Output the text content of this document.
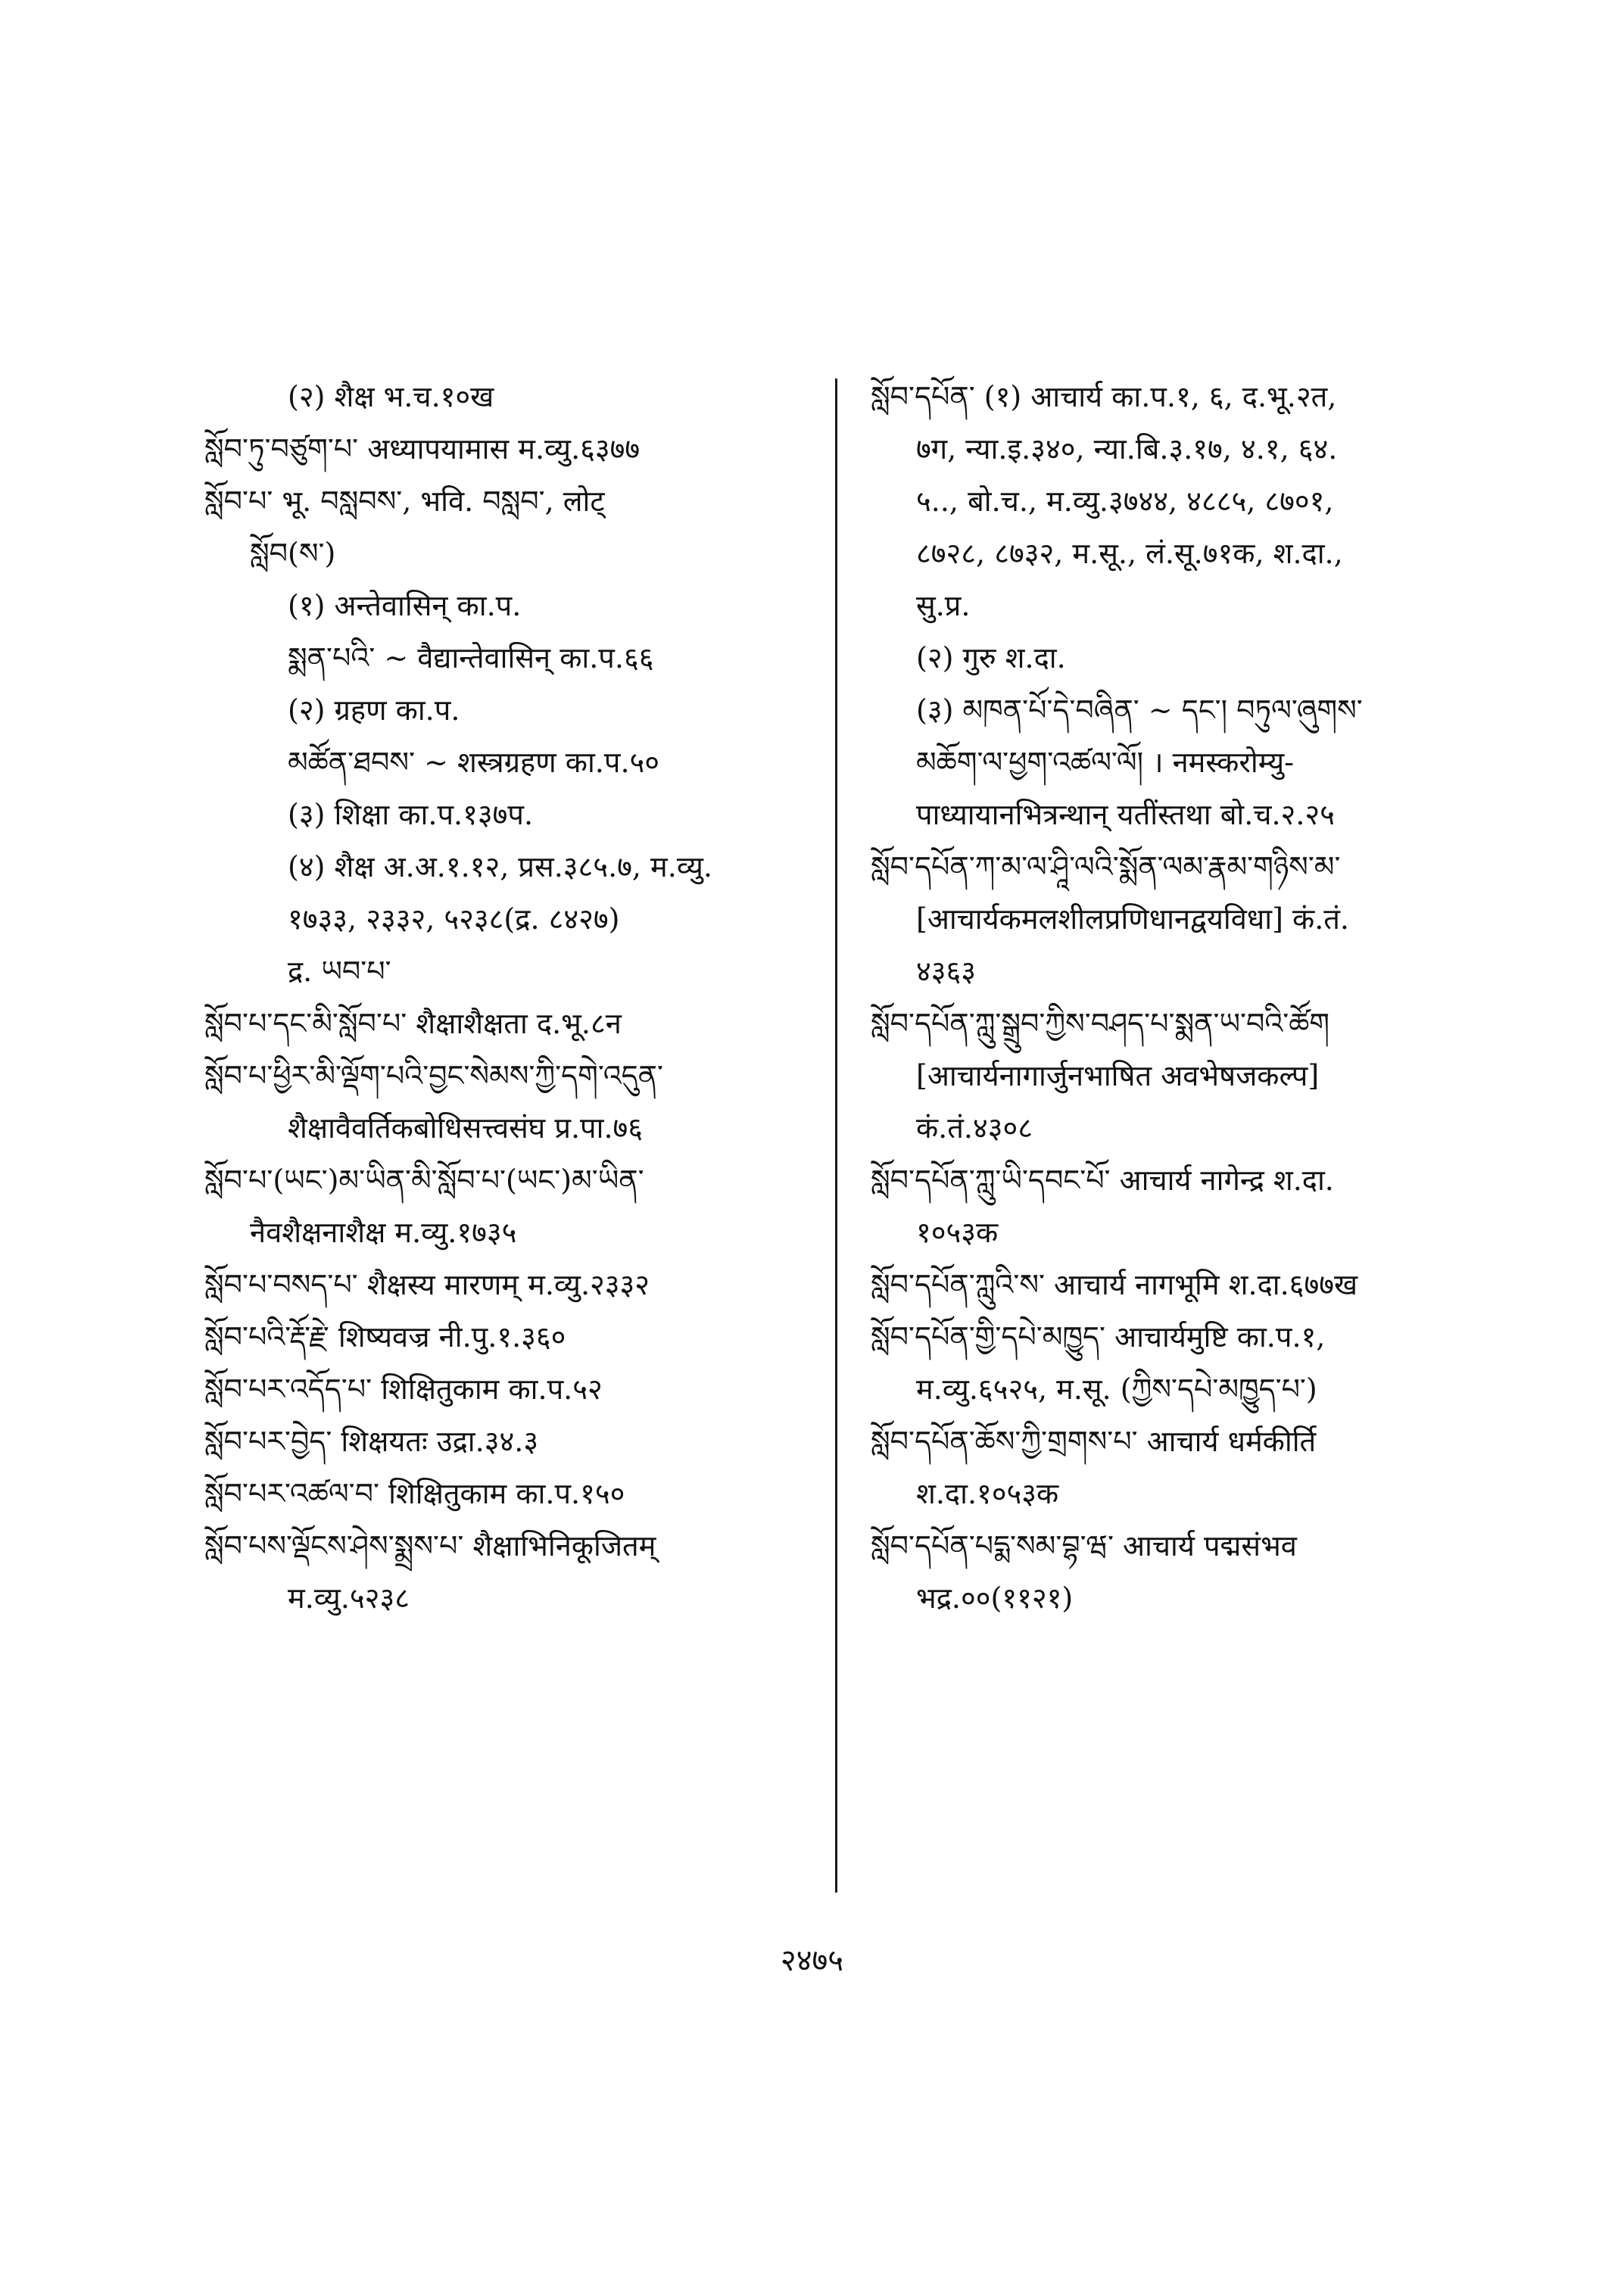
(२) शैक्ष भ.च.१०ख
སློབ་ཏུ་བཙུག་པ་ अध्यापयामास म.व्यु.६३७७
སློབ་པ་ भू. བསླབས་, भवि. བསླབ་, लोट्
སློབ(ས་)
(१) अन्तेवासिन् का.प.
སྨན་པའི་ ~ वैद्यान्तेवासिन् का.प.६६
(२) ग्रहण का.प.
མཚོན་ཐབས་ ~ शस्त्रग्रहण का.प.५०
(३) शिक्षा का.प.१३७प.
(४) शैक्ष अ.अ.१.१२, प्रस.३८५.७, म.व्यु.
१७३३, २३३२, ५२३८(द्र. ८४२७)
द्र. ཡབ་པ་
སློབ་པ་དང་མི་སློབ་པ་ शैक्षाशैक्षता द.भू.८न
སློབ་པ་ཕྱིར་མི་ལྡོག་པའི་བྱང་སེམས་ཀྱི་དགེ་འདུན་
शैक्षावैवर्तिकबोधिसत्त्वसंघ प्र.पा.७६
སློབ་པ་(ཡང་)མ་ཡིན་མི་སློབ་པ་(ཡང་)མ་ཡིན་
नैवशैक्षनाशैक्ष म.व्यु.१७३५
སློབ་པ་བསད་པ་ शैक्षस्य मारणम् म.व्यु.२३३२
སློབ་པའི་རྡོ་རྗེ་ शिष्यवज्र नी.पु.१.३६०
སློབ་པར་འདོད་པ་ शिक्षितुकाम का.प.५२
སློབ་པར་བྱེད་ शिक्षयतः उद्रा.३४.३
སློབ་པར་འཚལ་བ་ शिक्षितुकाम का.प.१५०
སློབ་པས་ལྡོངས་ཤེས་སྨྲས་པ་ शैक्षाभिनिकूजितम्
म.व्यु.५२३८
སློབ་དཔོན་ (१) आचार्य का.प.१, ६, द.भू.२त,
७ग, न्या.इ.३४०, न्या.बि.३.१७, ४.१, ६४.
५.., बो.च., म.व्यु.३७४४, ४८८५, ८७०१,
८७२८, ८७३२, म.सू., लं.सू.७१क, श.दा.,
सु.प्र.
(२) गुरु श.दा.
(३) མཁན་པོ་དེ་བཞིན་ ~ དང་། བཏུལ་ཞུགས་
མཆོག་ལ་ཕྱག་འཚལ་ལོ། । नमस्करोम्यु-
पाध्यायानभित्रन्थान् यतींस्तथा बो.च.२.२५
སློབ་དཔོན་ཀ་མ་ལ་ཤཱི་ལའི་སྨོན་ལམ་རྣམ་གཉིས་མ་
[आचार्यकमलशीलप्रणिधानद्वयविधा] कं.तं.
४३६३
སློབ་དཔོན་ཀླུ་སྒྲུབ་ཀྱིས་བཤད་པ་སྨན་ཡ་བའི་ཚོག
[आचार्यनागार्जुनभाषित अवभेषजकल्प]
कं.तं.४३०८
སློབ་དཔོན་ཀླུ་ཡི་དབང་པོ་ आचार्य नागेन्द्र श.दा.
१०५३क
སློབ་དཔོན་ཀླུའི་ས་ आचार्य नागभूमि श.दा.६७७ख
སློབ་དཔོན་གྱི་དཔེ་མཁྱུད་ आचार्यमुष्टि का.प.१,
म.व्यु.६५२५, म.सू. (ཀྱིས་དཔེ་མཁྱུད་པ་)
སློབ་དཔོན་ཆོས་ཀྱི་གྲགས་པ་ आचार्य धर्मकीर्ति
श.दा.१०५३क
སློབ་དཔོན་པདྨ་སམ་བྷ་ཝ་ आचार्य पद्मसंभव
भद्र.००(११२१)
२४७५
